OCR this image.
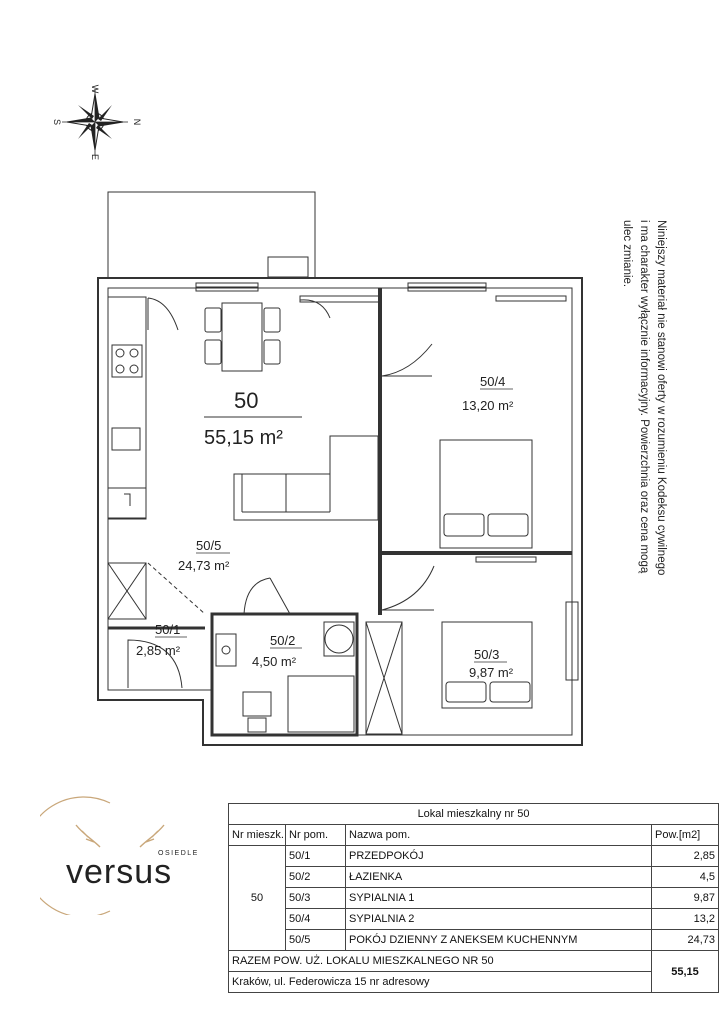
W
S	N
E
50
55,15 m²
50/5
24,73 m²
50/4
13,20 m²
50/3
9,87 m²
50/1
2,85 m²
50/2
4,50 m²
Niniejszy materiał nie stanowi oferty w rozumieniu Kodeksu cywilnego i ma charakter wyłącznie informacyjny. Powierzchnia oraz cena mogą ulec zmianie.
OSIEDLE
versus
Lokal mieszkalny nr 50			
Nr mieszk.	Nr pom.	Nazwa pom.	Pow.[m2]
50	50/1	PRZEDPOKÓJ	2,85
	50/2	ŁAZIENKA	4,5
	50/3	SYPIALNIA 1	9,87
	50/4	SYPIALNIA 2	13,2
	50/5	POKÓJ DZIENNY Z ANEKSEM KUCHENNYM	24,73
RAZEM POW. UŻ. LOKALU MIESZKALNEGO NR 50			55,15
Kraków, ul. Federowicza 15 nr adresowy			
